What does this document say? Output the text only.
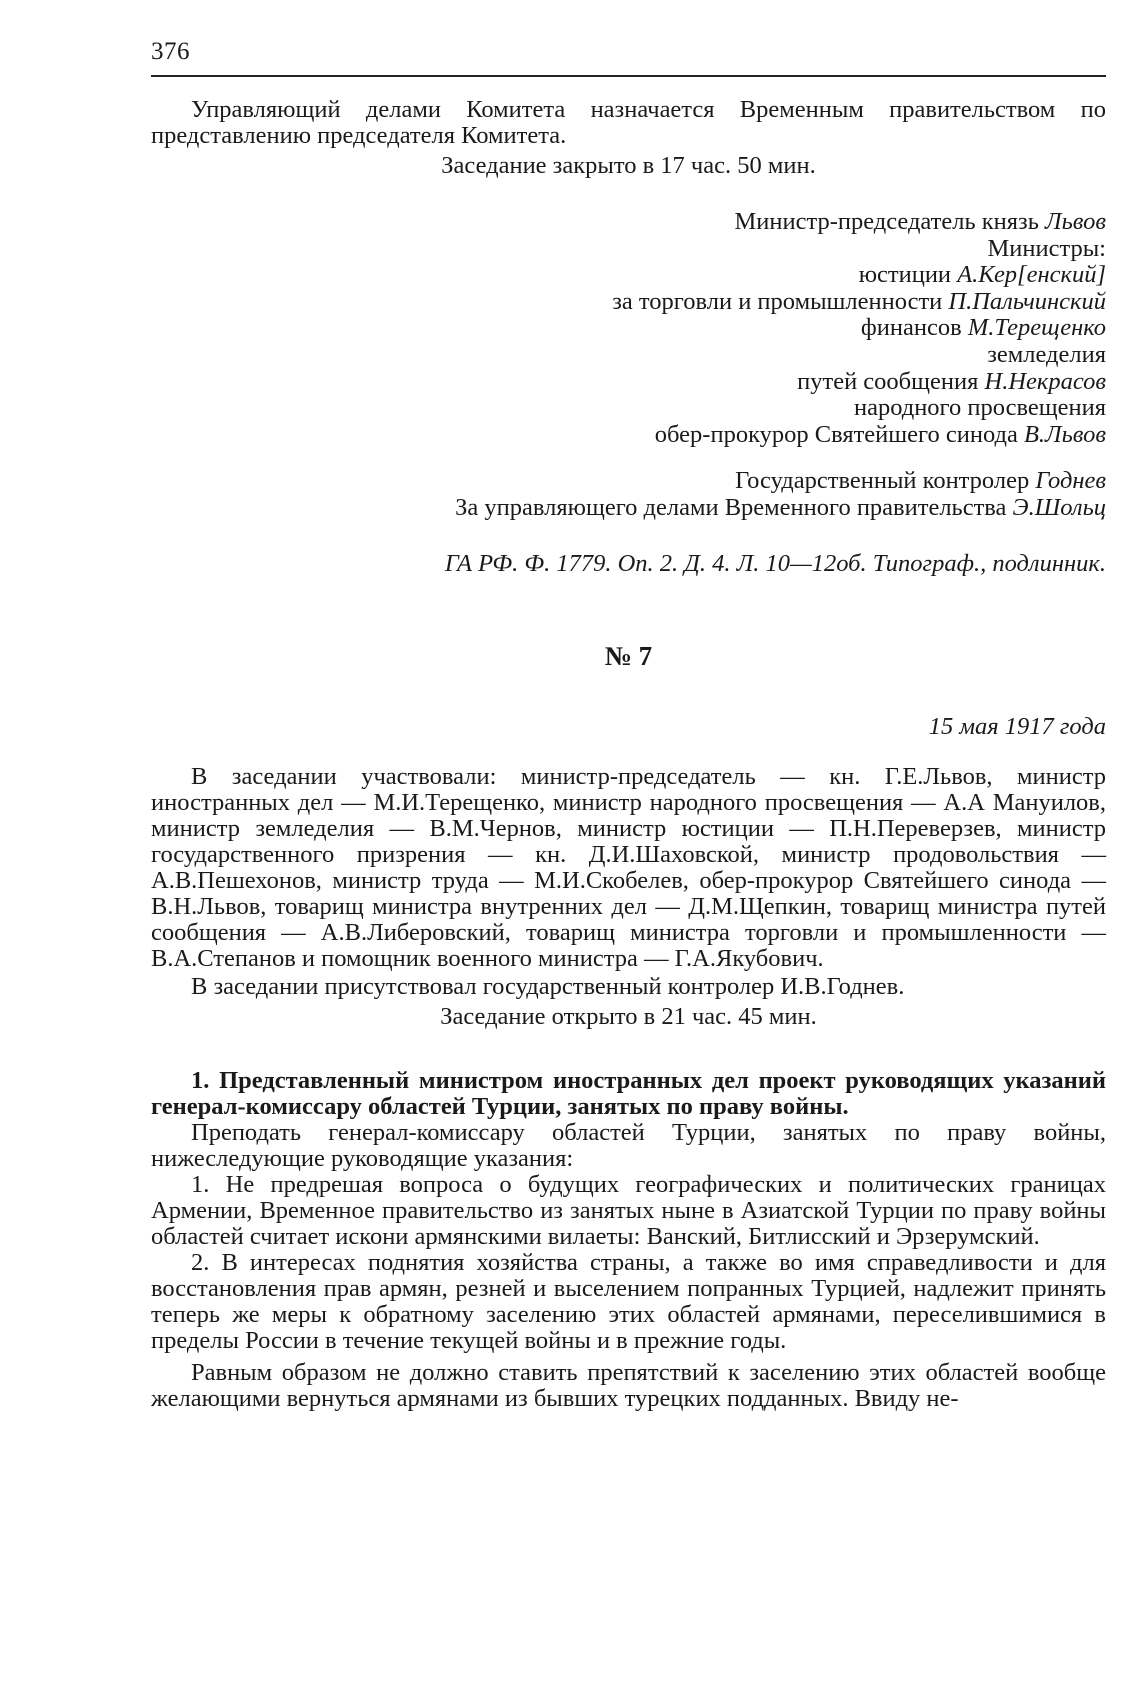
376

Управляющий делами Комитета назначается Временным правительством по представлению председателя Комитета.

Заседание закрыто в 17 час. 50 мин.

Министр-председатель князь Львов

Министры:

юстиции А.Кер[енский]

за торговли и промышленности П.Пальчинский

финансов М.Терещенко

земледелия

путей сообщения Н.Некрасов

народного просвещения

обер-прокурор Святейшего синода В.Львов

Государственный контролер Годнев

За управляющего делами Временного правительства Э.Шольц

ГА РФ. Ф. 1779. Оп. 2. Д. 4. Л. 10—12об. Типограф., подлинник.

№ 7

15 мая 1917 года

В заседании участвовали: министр-председатель — кн. Г.Е.Львов, министр иностранных дел — М.И.Терещенко, министр народного просвещения — А.А Мануилов, министр земледелия — В.М.Чернов, министр юстиции — П.Н.Переверзев, министр государственного призрения — кн. Д.И.Шаховской, министр продовольствия — А.В.Пешехонов, министр труда — М.И.Скобелев, обер-прокурор Святейшего синода — В.Н.Львов, товарищ министра внутренних дел — Д.М.Щепкин, товарищ министра путей сообщения — А.В.Либеровский, товарищ министра торговли и промышленности — В.А.Степанов и помощник военного министра — Г.А.Якубович.

В заседании присутствовал государственный контролер И.В.Годнев.

Заседание открыто в 21 час. 45 мин.

1. Представленный министром иностранных дел проект руководящих указаний генерал-комиссару областей Турции, занятых по праву войны.

Преподать генерал-комиссару областей Турции, занятых по праву войны, нижеследующие руководящие указания:

1. Не предрешая вопроса о будущих географических и политических границах Армении, Временное правительство из занятых ныне в Азиатской Турции по праву войны областей считает искони армянскими вилаеты: Ванский, Битлисский и Эрзерумский.

2. В интересах поднятия хозяйства страны, а также во имя справедливости и для восстановления прав армян, резней и выселением попранных Турцией, надлежит принять теперь же меры к обратному заселению этих областей армянами, переселившимися в пределы России в течение текущей войны и в прежние годы.

Равным образом не должно ставить препятствий к заселению этих областей вообще желающими вернуться армянами из бывших турецких подданных. Ввиду не-
